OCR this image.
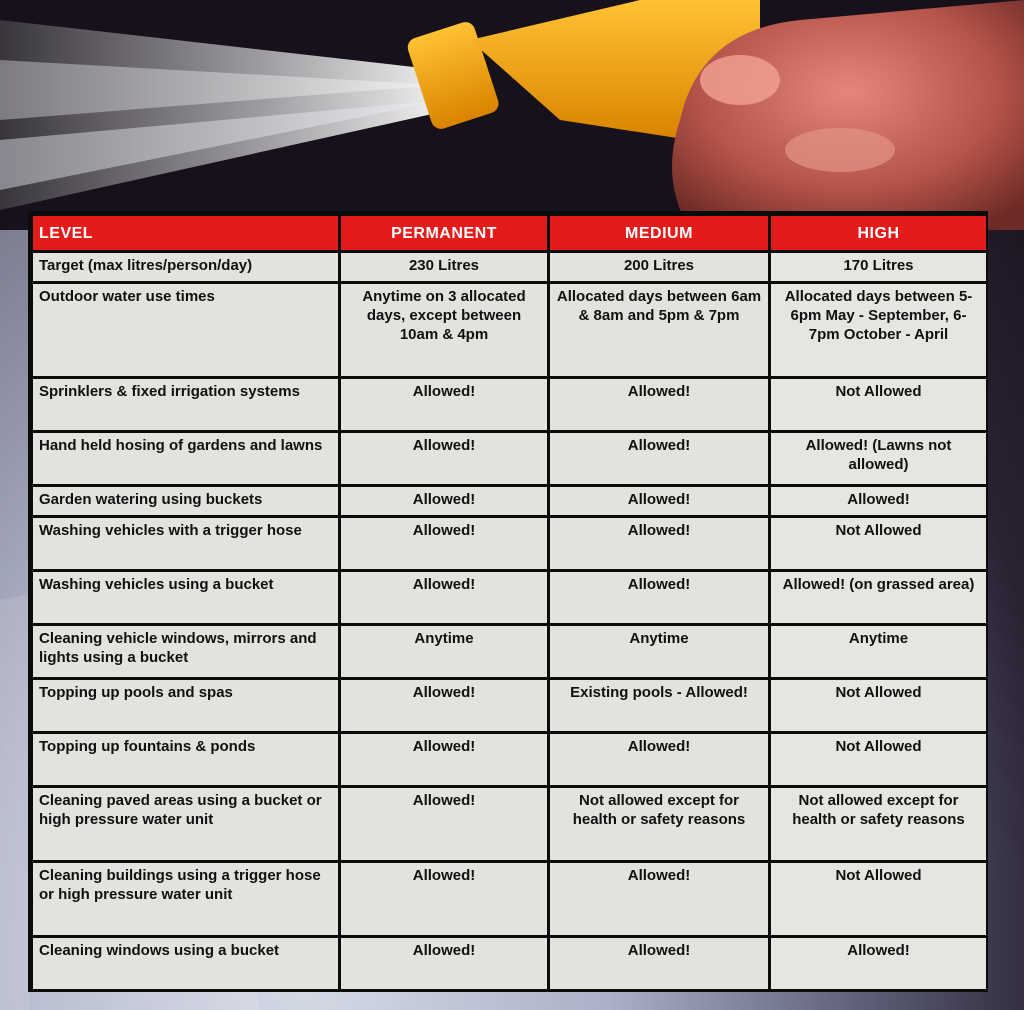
LEVEL	PERMANENT	MEDIUM	HIGH
Target (max litres/person/day)	230 Litres	200 Litres	170 Litres
Outdoor water use times	Anytime on 3 allocated days, except between 10am & 4pm	Allocated days between 6am & 8am and 5pm & 7pm	Allocated days between 5-6pm May - September, 6-7pm October - April
Sprinklers & fixed irrigation systems	Allowed!	Allowed!	Not Allowed
Hand held hosing of gardens and lawns	Allowed!	Allowed!	Allowed! (Lawns not allowed)
Garden watering using buckets	Allowed!	Allowed!	Allowed!
Washing vehicles with a trigger hose	Allowed!	Allowed!	Not Allowed
Washing vehicles using a bucket	Allowed!	Allowed!	Allowed! (on grassed area)
Cleaning vehicle windows, mirrors and lights using a bucket	Anytime	Anytime	Anytime
Topping up pools and spas	Allowed!	Existing pools - Allowed!	Not Allowed
Topping up fountains & ponds	Allowed!	Allowed!	Not Allowed
Cleaning paved areas using a bucket or high pressure water unit	Allowed!	Not allowed except for health or safety reasons	Not allowed except for health or safety reasons
Cleaning buildings using a trigger hose or high pressure water unit	Allowed!	Allowed!	Not Allowed
Cleaning windows using a bucket	Allowed!	Allowed!	Allowed!
